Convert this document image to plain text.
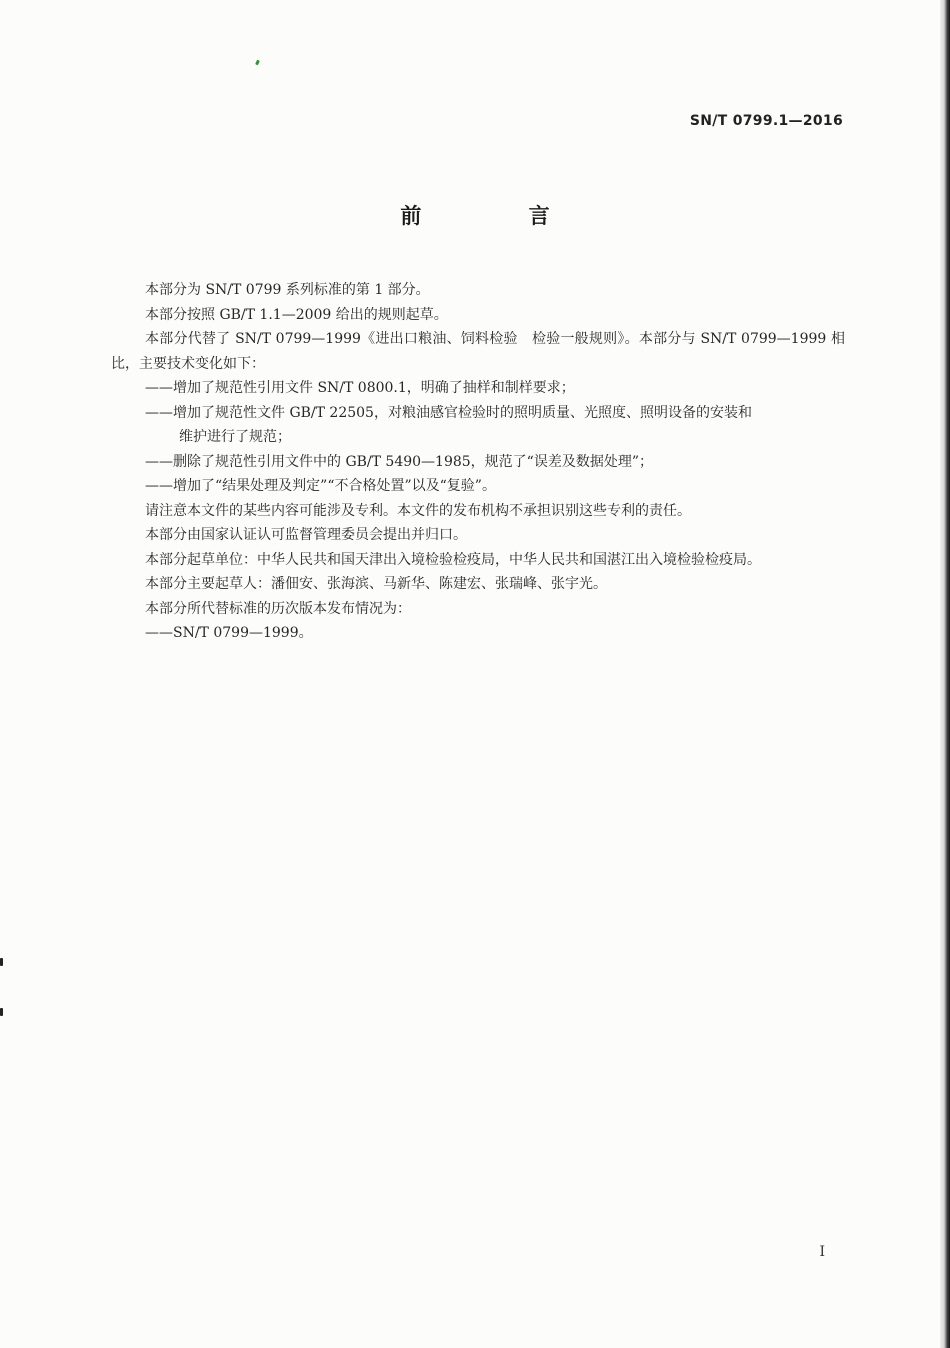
SN/T 0799.1—2016
前 言

本部分为 SN/T 0799 系列标准的第 1 部分。

本部分按照 GB/T 1.1—2009 给出的规则起草。

本部分代替了 SN/T 0799—1999《进出口粮油、饲料检验　检验一般规则》。本部分与 SN/T 0799—1999 相比，主要技术变化如下：

——增加了规范性引用文件 SN/T 0800.1，明确了抽样和制样要求；
——增加了规范性文件 GB/T 22505，对粮油感官检验时的照明质量、光照度、照明设备的安装和
维护进行了规范；
——删除了规范性引用文件中的 GB/T 5490—1985，规范了“误差及数据处理”；
——增加了“结果处理及判定”“不合格处置”以及“复验”。

请注意本文件的某些内容可能涉及专利。本文件的发布机构不承担识别这些专利的责任。

本部分由国家认证认可监督管理委员会提出并归口。

本部分起草单位：中华人民共和国天津出入境检验检疫局，中华人民共和国湛江出入境检验检疫局。

本部分主要起草人：潘佃安、张海滨、马新华、陈建宏、张瑞峰、张宇光。

本部分所代替标准的历次版本发布情况为：

——SN/T 0799—1999。
I
